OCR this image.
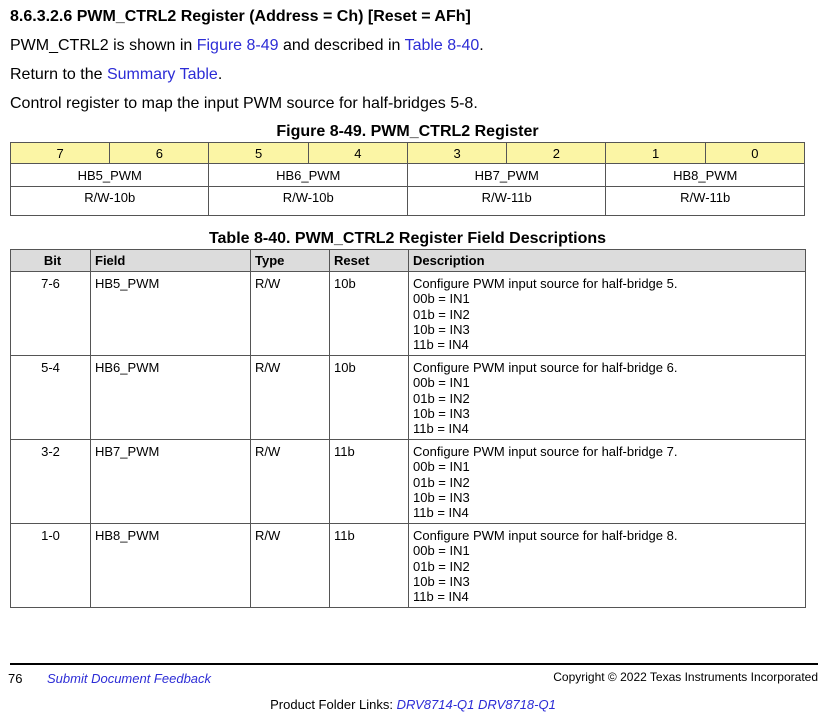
8.6.3.2.6 PWM_CTRL2 Register (Address = Ch) [Reset = AFh]
PWM_CTRL2 is shown in Figure 8-49 and described in Table 8-40.
Return to the Summary Table.
Control register to map the input PWM source for half-bridges 5-8.
Figure 8-49. PWM_CTRL2 Register
7	6	5	4	3	2	1	0
HB5_PWM		HB6_PWM		HB7_PWM		HB8_PWM	
R/W-10b		R/W-10b		R/W-11b		R/W-11b	
Table 8-40. PWM_CTRL2 Register Field Descriptions
Bit	Field	Type	Reset	Description
7-6	HB5_PWM	R/W	10b	Configure PWM input source for half-bridge 5.
00b = IN1
01b = IN2
10b = IN3
11b = IN4

5-4	HB6_PWM	R/W	10b	Configure PWM input source for half-bridge 6.
00b = IN1
01b = IN2
10b = IN3
11b = IN4

3-2	HB7_PWM	R/W	11b	Configure PWM input source for half-bridge 7.
00b = IN1
01b = IN2
10b = IN3
11b = IN4

1-0	HB8_PWM	R/W	11b	Configure PWM input source for half-bridge 8.
00b = IN1
01b = IN2
10b = IN3
11b = IN4
76 Submit Document Feedback	Copyright © 2022 Texas Instruments Incorporated
Product Folder Links: DRV8714-Q1 DRV8718-Q1
